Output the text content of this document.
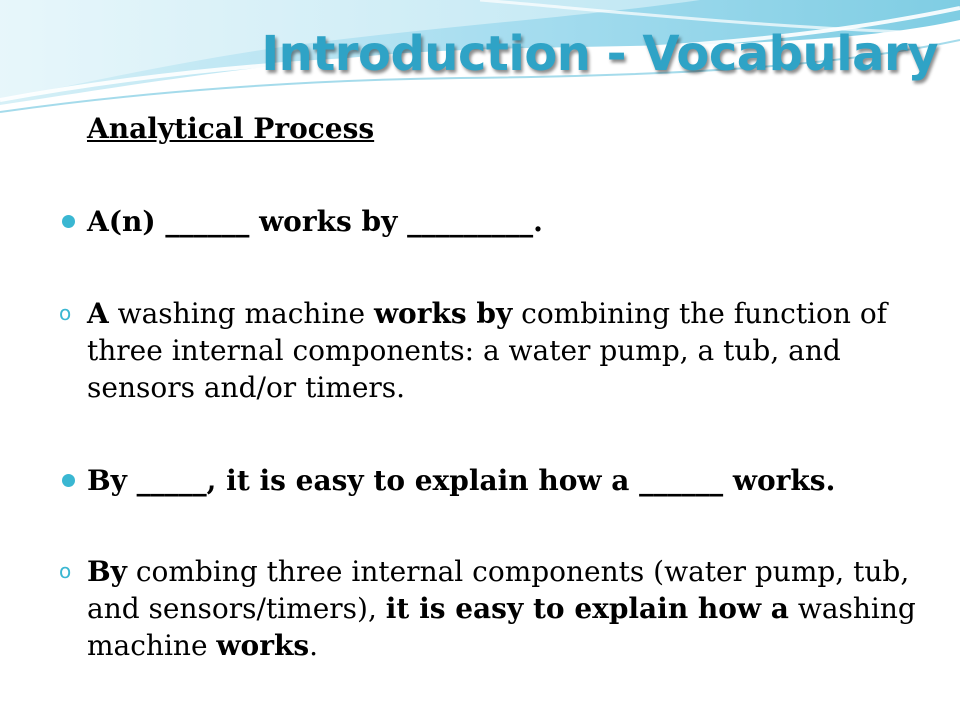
Introduction - Vocabulary
Analytical Process
A(n) ______ works by _________.
o A washing machine works by combining the function of three internal components: a water pump, a tub, and sensors and/or timers.
By _____, it is easy to explain how a ______ works.
o By combing three internal components (water pump, tub, and sensors/timers), it is easy to explain how a washing machine works.
